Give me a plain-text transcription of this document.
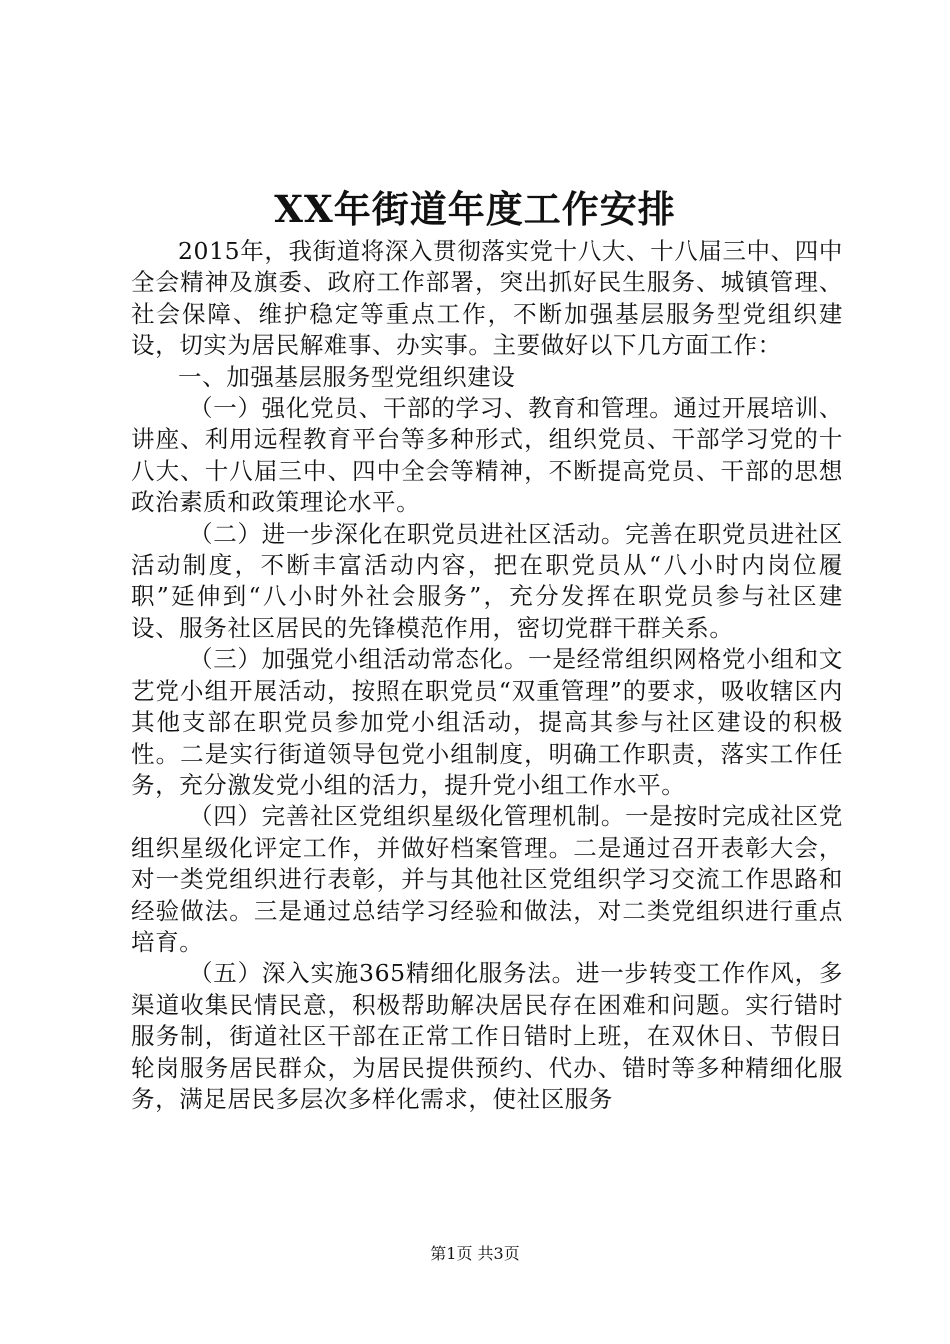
XX年街道年度工作安排

2015年，我街道将深入贯彻落实党十八大、十八届三中、四中全会精神及旗委、政府工作部署，突出抓好民生服务、城镇管理、社会保障、维护稳定等重点工作，不断加强基层服务型党组织建设，切实为居民解难事、办实事。主要做好以下几方面工作：

一、加强基层服务型党组织建设

（一）强化党员、干部的学习、教育和管理。通过开展培训、讲座、利用远程教育平台等多种形式，组织党员、干部学习党的十八大、十八届三中、四中全会等精神，不断提高党员、干部的思想政治素质和政策理论水平。

（二）进一步深化在职党员进社区活动。完善在职党员进社区活动制度，不断丰富活动内容，把在职党员从“八小时内岗位履职”延伸到“八小时外社会服务”，充分发挥在职党员参与社区建设、服务社区居民的先锋模范作用，密切党群干群关系。

（三）加强党小组活动常态化。一是经常组织网格党小组和文艺党小组开展活动，按照在职党员“双重管理”的要求，吸收辖区内其他支部在职党员参加党小组活动，提高其参与社区建设的积极性。二是实行街道领导包党小组制度，明确工作职责，落实工作任务，充分激发党小组的活力，提升党小组工作水平。

（四）完善社区党组织星级化管理机制。一是按时完成社区党组织星级化评定工作，并做好档案管理。二是通过召开表彰大会，对一类党组织进行表彰，并与其他社区党组织学习交流工作思路和经验做法。三是通过总结学习经验和做法，对二类党组织进行重点培育。

（五）深入实施365精细化服务法。进一步转变工作作风，多渠道收集民情民意，积极帮助解决居民存在困难和问题。实行错时服务制，街道社区干部在正常工作日错时上班，在双休日、节假日轮岗服务居民群众，为居民提供预约、代办、错时等多种精细化服务，满足居民多层次多样化需求，使社区服务

第1页 共3页
